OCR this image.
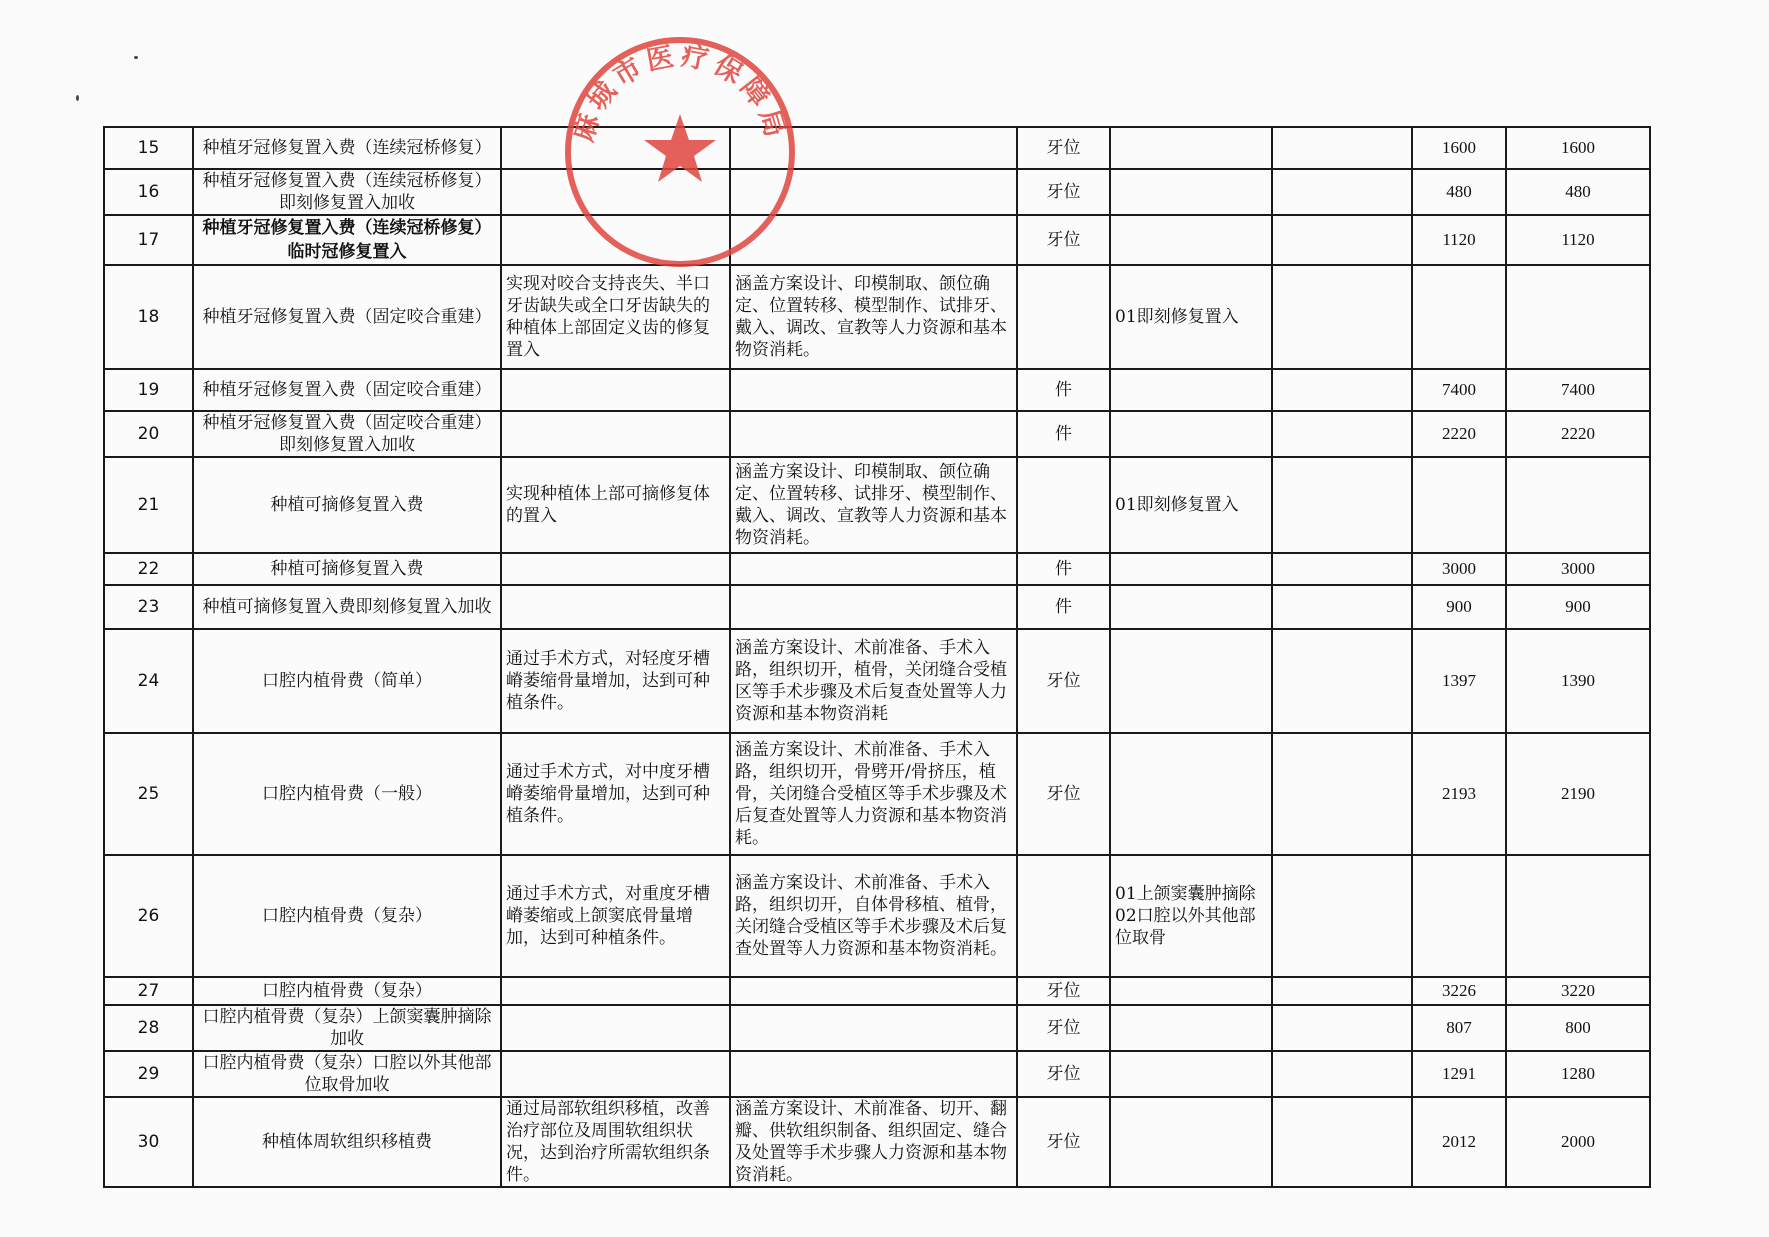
15	种植牙冠修复置入费（连续冠桥修复）			牙位			1600	1600
16	种植牙冠修复置入费（连续冠桥修复）即刻修复置入加收			牙位			480	480
17	种植牙冠修复置入费（连续冠桥修复）临时冠修复置入			牙位			1120	1120
18	种植牙冠修复置入费（固定咬合重建）	实现对咬合支持丧失、半口牙齿缺失或全口牙齿缺失的种植体上部固定义齿的修复置入	涵盖方案设计、印模制取、颌位确定、位置转移、模型制作、试排牙、戴入、调改、宣教等人力资源和基本物资消耗。		01即刻修复置入			
19	种植牙冠修复置入费（固定咬合重建）			件			7400	7400
20	种植牙冠修复置入费（固定咬合重建）即刻修复置入加收			件			2220	2220
21	种植可摘修复置入费	实现种植体上部可摘修复体的置入	涵盖方案设计、印模制取、颌位确定、位置转移、试排牙、模型制作、戴入、调改、宣教等人力资源和基本物资消耗。		01即刻修复置入			
22	种植可摘修复置入费			件			3000	3000
23	种植可摘修复置入费即刻修复置入加收			件			900	900
24	口腔内植骨费（简单）	通过手术方式，对轻度牙槽嵴萎缩骨量增加，达到可种植条件。	涵盖方案设计、术前准备、手术入路，组织切开，植骨，关闭缝合受植区等手术步骤及术后复查处置等人力资源和基本物资消耗	牙位			1397	1390
25	口腔内植骨费（一般）	通过手术方式，对中度牙槽嵴萎缩骨量增加，达到可种植条件。	涵盖方案设计、术前准备、手术入路，组织切开，骨劈开/骨挤压，植骨，关闭缝合受植区等手术步骤及术后复查处置等人力资源和基本物资消耗。	牙位			2193	2190
26	口腔内植骨费（复杂）	通过手术方式，对重度牙槽嵴萎缩或上颌窦底骨量增 加，达到可种植条件。	涵盖方案设计、术前准备、手术入路，组织切开，自体骨移植、植骨，关闭缝合受植区等手术步骤及术后复查处置等人力资源和基本物资消耗。		01上颌窦囊肿摘除 02口腔以外其他部位取骨			
27	口腔内植骨费（复杂）			牙位			3226	3220
28	口腔内植骨费（复杂）上颌窦囊肿摘除加收			牙位			807	800
29	口腔内植骨费（复杂）口腔以外其他部位取骨加收			牙位			1291	1280
30	种植体周软组织移植费	通过局部软组织移植，改善治疗部位及周围软组织状 况，达到治疗所需软组织条件。	涵盖方案设计、术前准备、切开、翻瓣、供软组织制备、组织固定、缝合及处置等手术步骤人力资源和基本物资消耗。	牙位			2012	2000
麻城市医疗保障局
